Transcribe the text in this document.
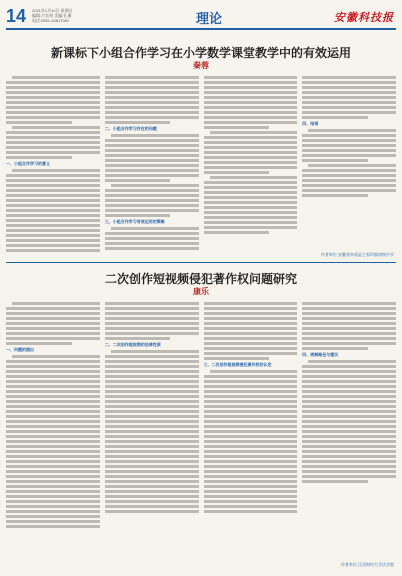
14 2021年1月10日 星期日
编辑:吕长明 美编:孔瑾
电话:0551-62817061	理论	安徽科技报
新课标下小组合作学习在小学数学课堂教学中的有效运用
秦蓉
一、小组合作学习的意义
二、小组合作学习存在的问题
三、小组合作学习有效运用的策略
四、结语
作者单位:安徽省阜南县王家坝镇初级中学
二次创作短视频侵犯著作权问题研究
康乐
一、问题的提出
二、二次创作短视频的法律性质
三、二次创作短视频侵犯著作权的认定
四、规制路径与建议
作者单位:江西财经大学法学院
